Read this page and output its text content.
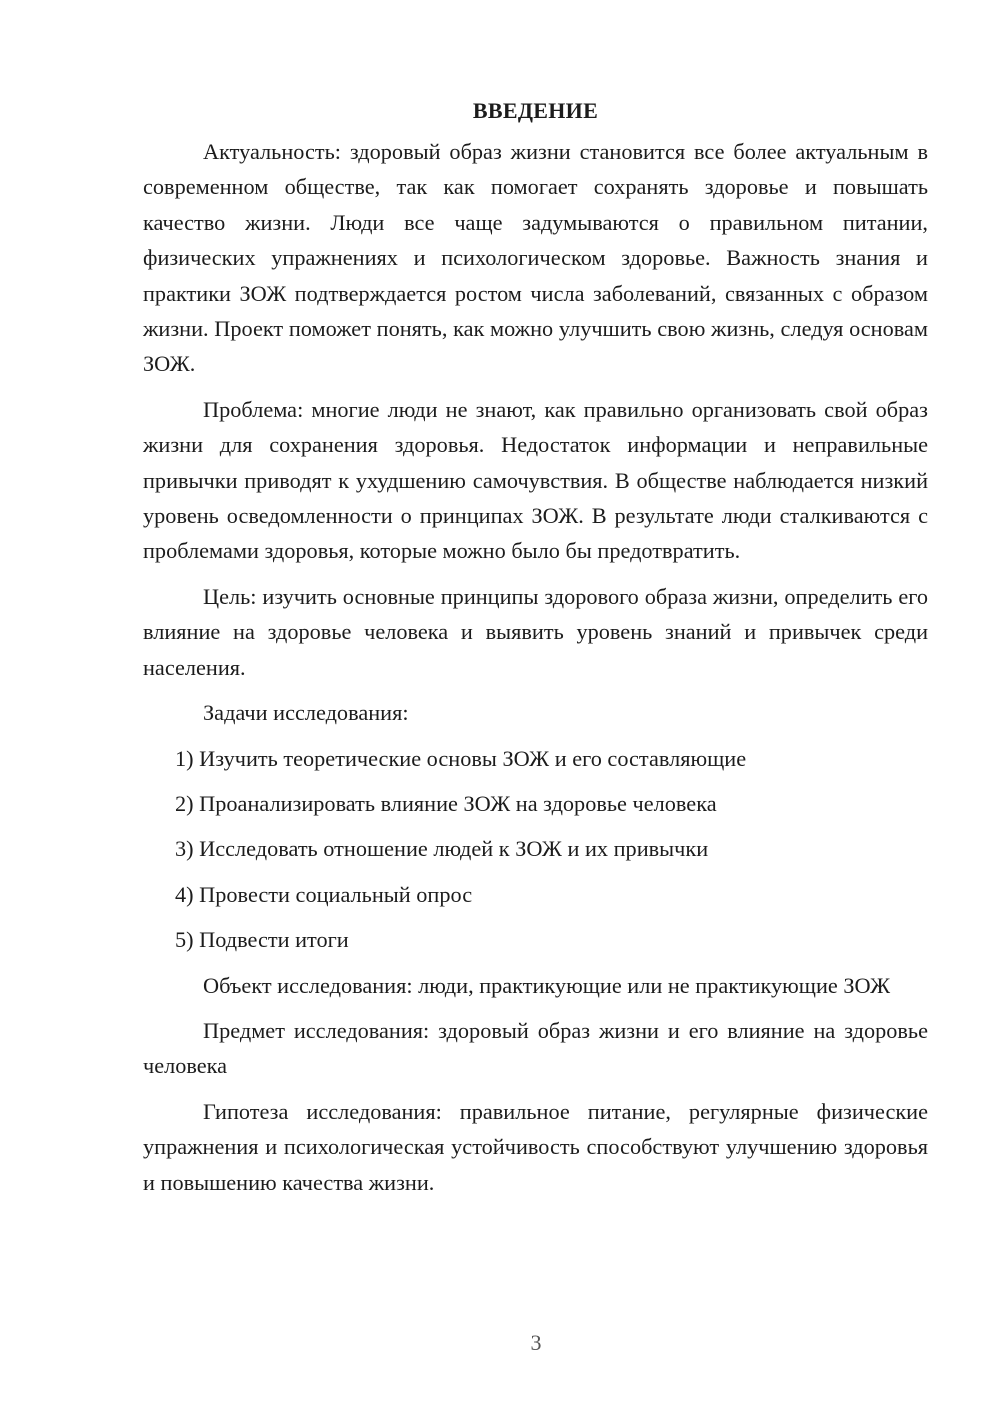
ВВЕДЕНИЕ

Актуальность: здоровый образ жизни становится все более актуальным в современном обществе, так как помогает сохранять здоровье и повышать качество жизни. Люди все чаще задумываются о правильном питании, физических упражнениях и психологическом здоровье. Важность знания и практики ЗОЖ подтверждается ростом числа заболеваний, связанных с образом жизни. Проект поможет понять, как можно улучшить свою жизнь, следуя основам ЗОЖ.

Проблема: многие люди не знают, как правильно организовать свой образ жизни для сохранения здоровья. Недостаток информации и неправильные привычки приводят к ухудшению самочувствия. В обществе наблюдается низкий уровень осведомленности о принципах ЗОЖ. В результате люди сталкиваются с проблемами здоровья, которые можно было бы предотвратить.

Цель: изучить основные принципы здорового образа жизни, определить его влияние на здоровье человека и выявить уровень знаний и привычек среди населения.

Задачи исследования:

1) Изучить теоретические основы ЗОЖ и его составляющие
2) Проанализировать влияние ЗОЖ на здоровье человека
3) Исследовать отношение людей к ЗОЖ и их привычки
4) Провести социальный опрос
5) Подвести итоги

Объект исследования: люди, практикующие или не практикующие ЗОЖ

Предмет исследования: здоровый образ жизни и его влияние на здоровье человека

Гипотеза исследования: правильное питание, регулярные физические упражнения и психологическая устойчивость способствуют улучшению здоровья и повышению качества жизни.

3
